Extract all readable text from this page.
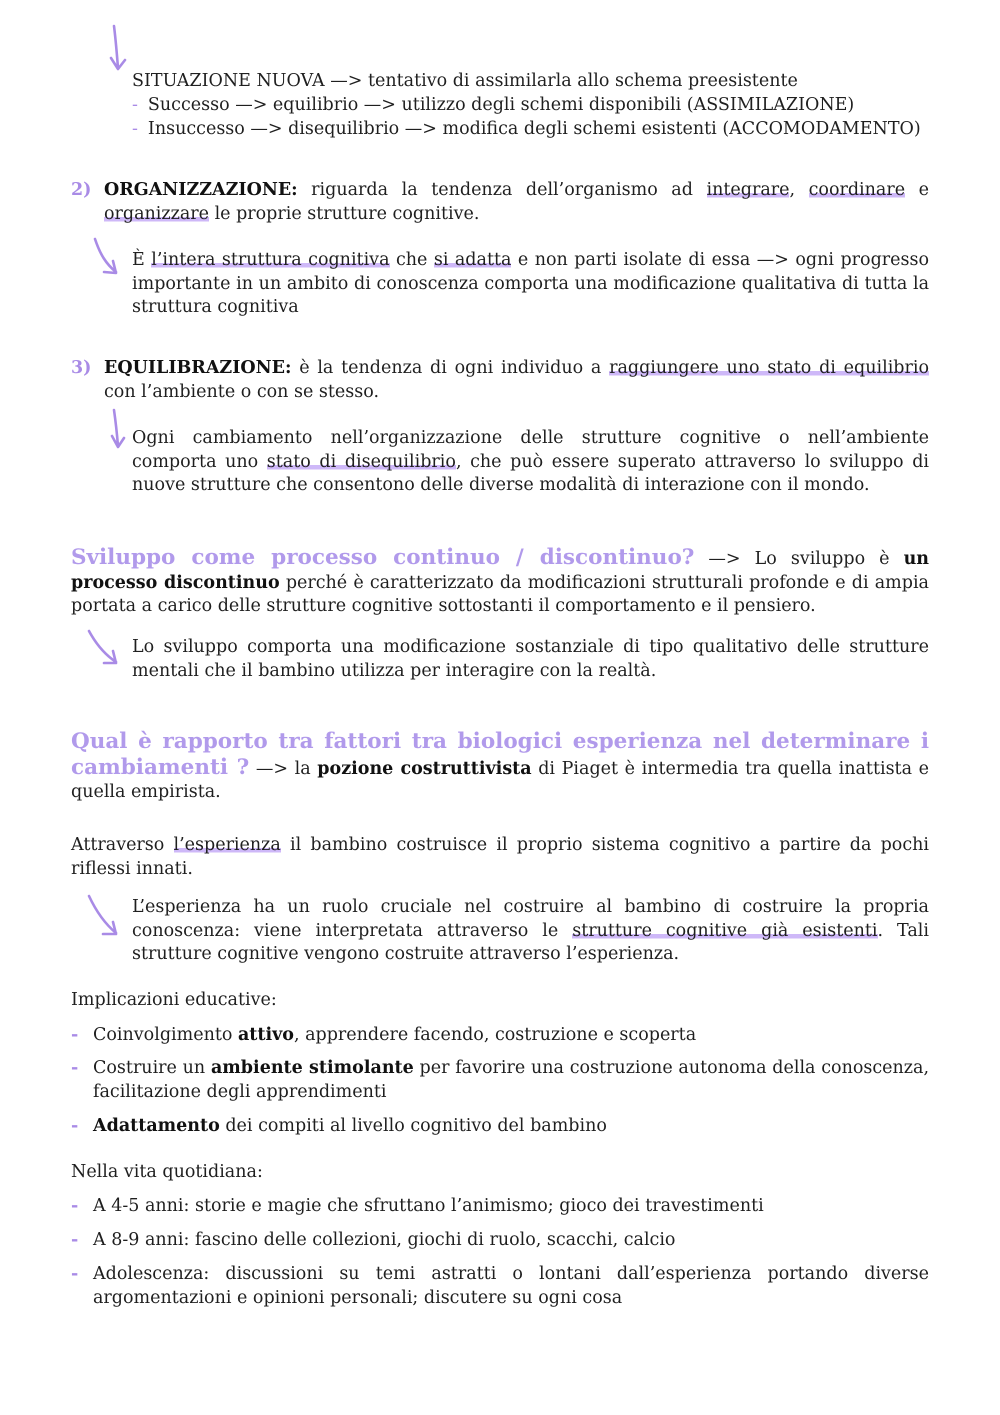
SITUAZIONE NUOVA —> tentativo di assimilarla allo schema preesistente
- Successo —> equilibrio —> utilizzo degli schemi disponibili (ASSIMILAZIONE)
- Insuccesso —> disequilibrio —> modifica degli schemi esistenti (ACCOMODAMENTO)
2) ORGANIZZAZIONE: riguarda la tendenza dell’organismo ad integrare, coordinare e organizzare le proprie strutture cognitive.
È l’intera struttura cognitiva che si adatta e non parti isolate di essa —> ogni progresso importante in un ambito di conoscenza comporta una modificazione qualitativa di tutta la struttura cognitiva
3) EQUILIBRAZIONE: è la tendenza di ogni individuo a raggiungere uno stato di equilibrio con l’ambiente o con se stesso.
Ogni cambiamento nell’organizzazione delle strutture cognitive o nell’ambiente comporta uno stato di disequilibrio, che può essere superato attraverso lo sviluppo di nuove strutture che consentono delle diverse modalità di interazione con il mondo.
Sviluppo come processo continuo / discontinuo? —> Lo sviluppo è un processo discontinuo perché è caratterizzato da modificazioni strutturali profonde e di ampia portata a carico delle strutture cognitive sottostanti il comportamento e il pensiero.
Lo sviluppo comporta una modificazione sostanziale di tipo qualitativo delle strutture mentali che il bambino utilizza per interagire con la realtà.
Qual è rapporto tra fattori tra biologici esperienza nel determinare i cambiamenti ? —> la pozione costruttivista di Piaget è intermedia tra quella inattista e quella empirista.
Attraverso l’esperienza il bambino costruisce il proprio sistema cognitivo a partire da pochi riflessi innati.
L’esperienza ha un ruolo cruciale nel costruire al bambino di costruire la propria conoscenza: viene interpretata attraverso le strutture cognitive già esistenti. Tali strutture cognitive vengono costruite attraverso l’esperienza.
Implicazioni educative:
- Coinvolgimento attivo, apprendere facendo, costruzione e scoperta
- Costruire un ambiente stimolante per favorire una costruzione autonoma della conoscenza, facilitazione degli apprendimenti
- Adattamento dei compiti al livello cognitivo del bambino
Nella vita quotidiana:
- A 4-5 anni: storie e magie che sfruttano l’animismo; gioco dei travestimenti
- A 8-9 anni: fascino delle collezioni, giochi di ruolo, scacchi, calcio
- Adolescenza: discussioni su temi astratti o lontani dall’esperienza portando diverse argomentazioni e opinioni personali; discutere su ogni cosa
